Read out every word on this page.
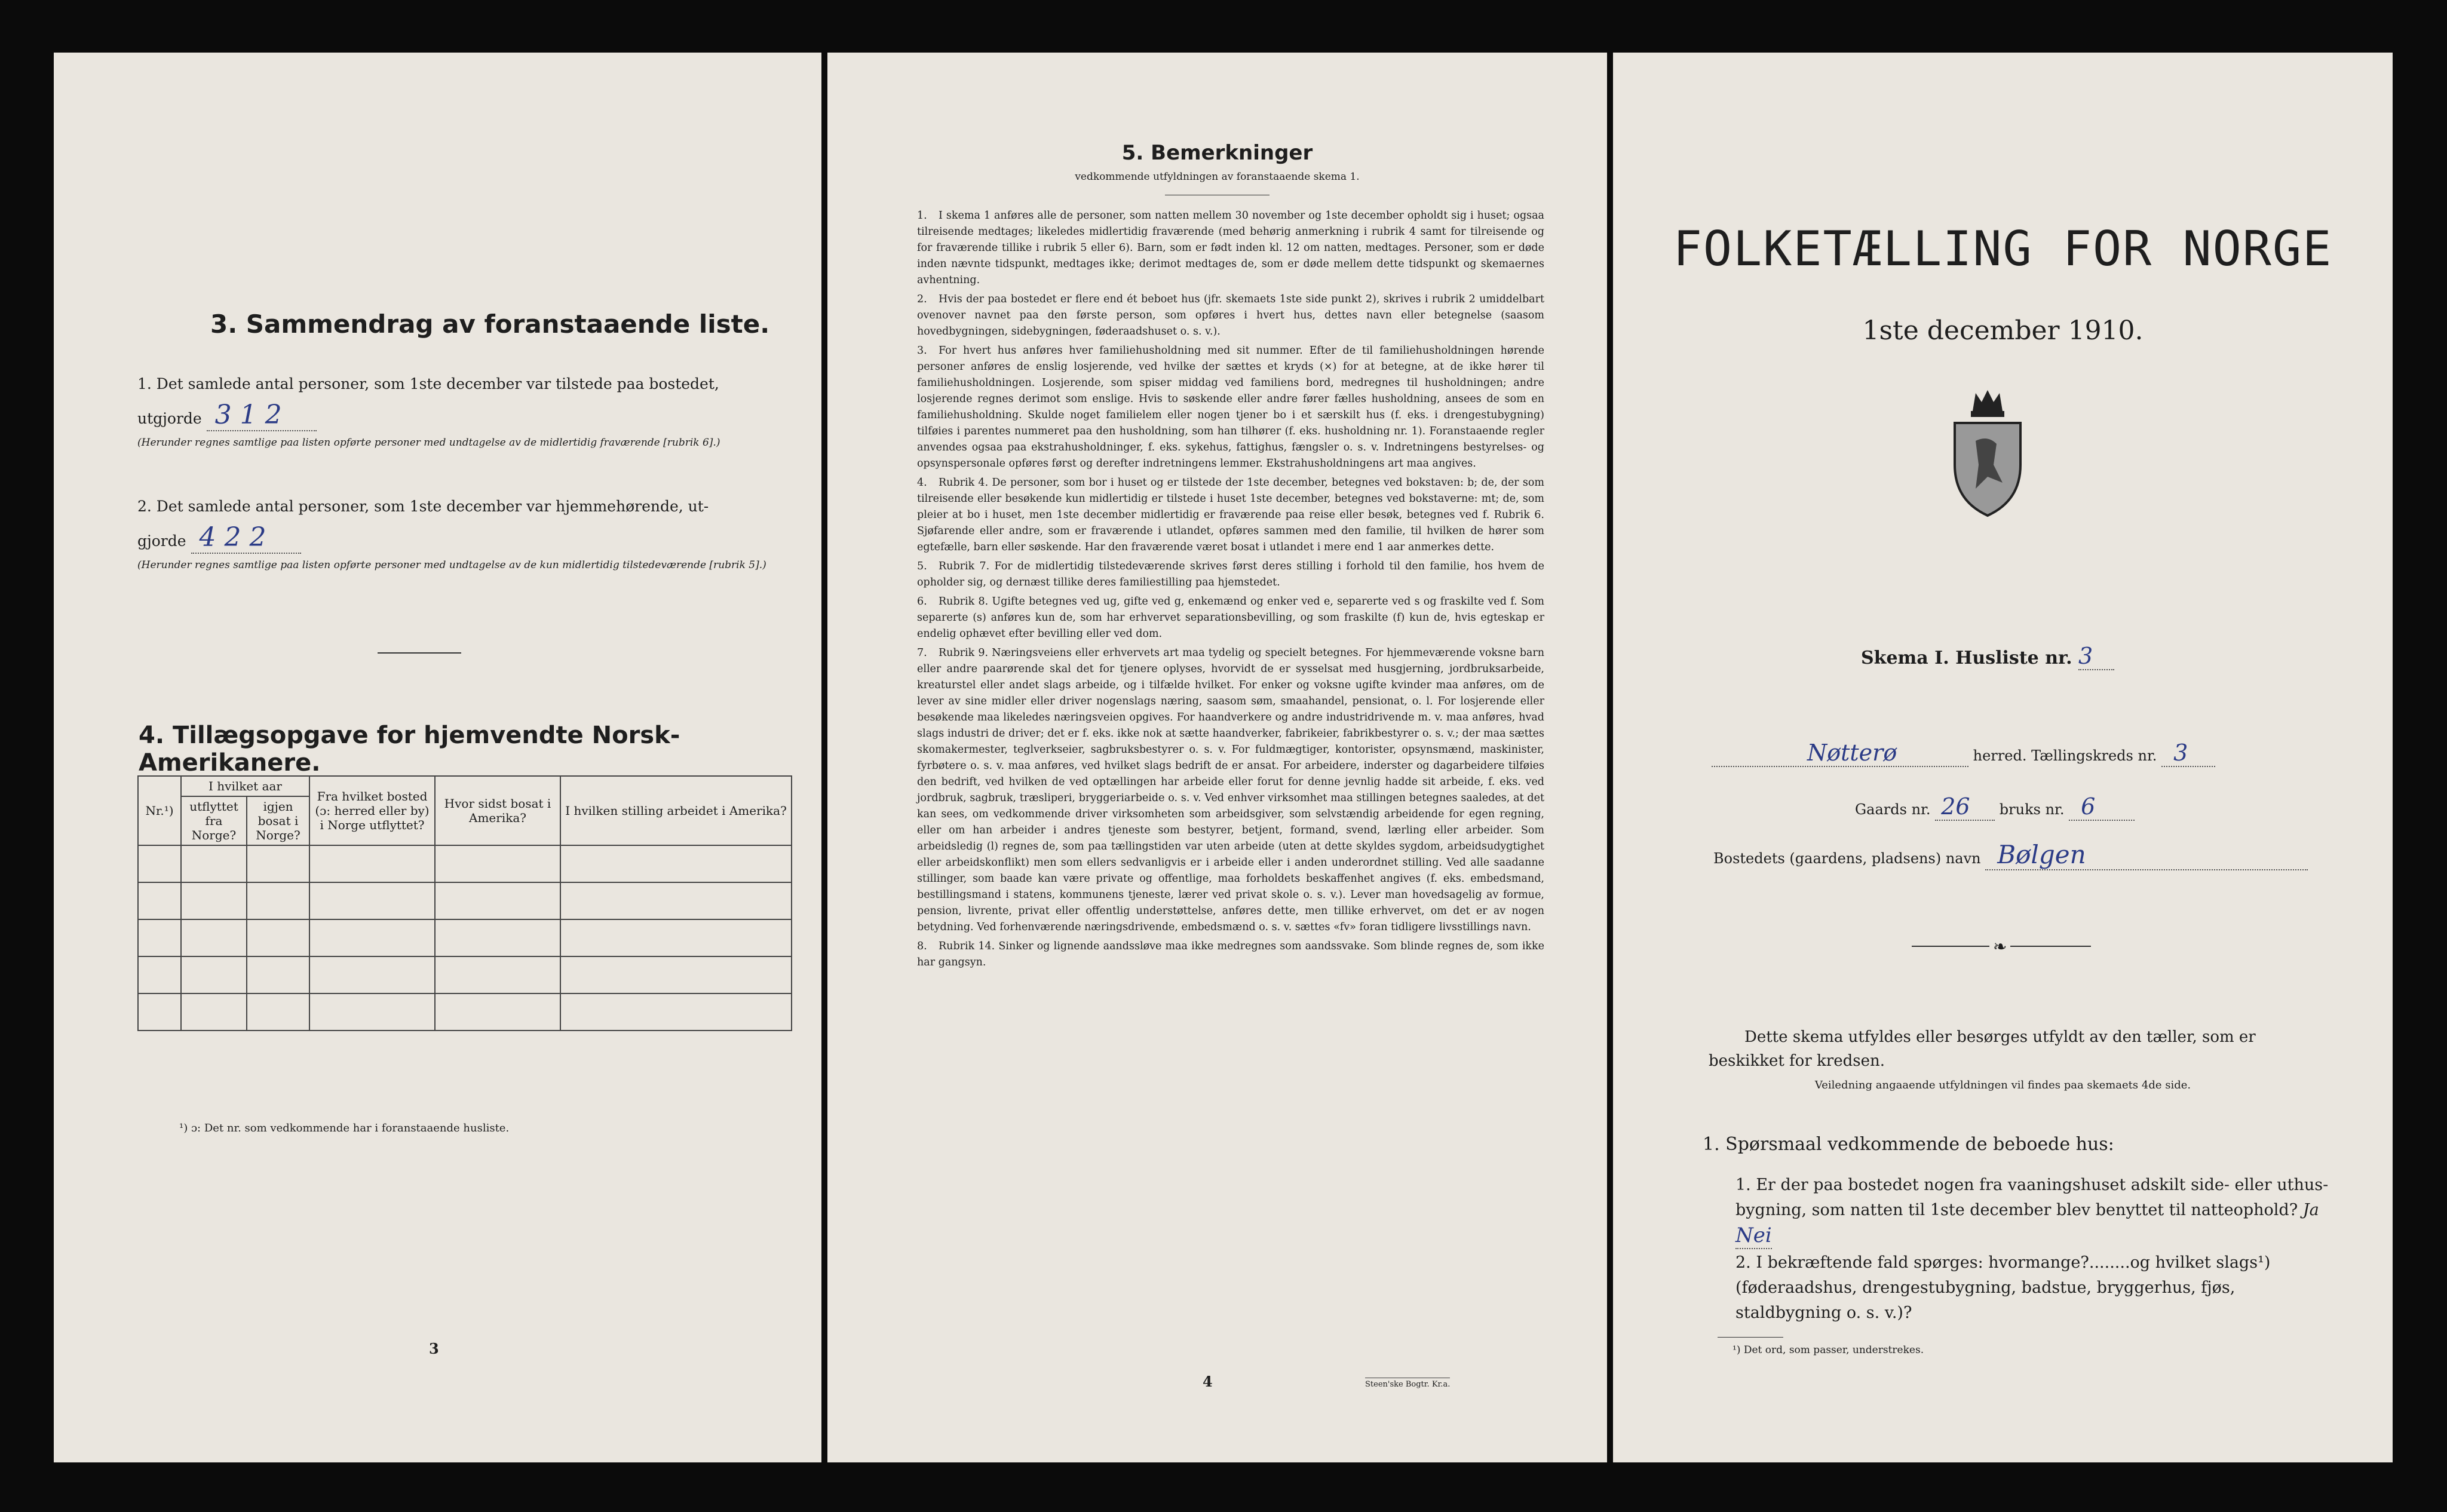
3. Sammendrag av foranstaaende liste.
1. Det samlede antal personer, som 1ste december var tilstede paa bostedet,
utgjorde 3 1 2
(Herunder regnes samtlige paa listen opførte personer med undtagelse av de midlertidig fraværende [rubrik 6].)
2. Det samlede antal personer, som 1ste december var hjemmehørende, ut-
gjorde 4 2 2
(Herunder regnes samtlige paa listen opførte personer med undtagelse av de kun midlertidig tilstedeværende [rubrik 5].)
4. Tillægsopgave for hjemvendte Norsk-Amerikanere.
Nr.¹)	I hvilket aar		Fra hvilket bosted (ɔ: herred eller by) i Norge utflyttet?	Hvor sidst bosat i Amerika?	I hvilken stilling arbeidet i Amerika?
	utflyttet fra Norge?	igjen bosat i Norge?			

¹) ɔ: Det nr. som vedkommende har i foranstaaende husliste.
3
5. Bemerkninger
vedkommende utfyldningen av foranstaaende skema 1.
1. I skema 1 anføres alle de personer, som natten mellem 30 november og 1ste december opholdt sig i huset; ogsaa tilreisende medtages; likeledes midlertidig fraværende (med behørig anmerkning i rubrik 4 samt for tilreisende og for fraværende tillike i rubrik 5 eller 6). Barn, som er født inden kl. 12 om natten, medtages. Personer, som er døde inden nævnte tidspunkt, medtages ikke; derimot medtages de, som er døde mellem dette tidspunkt og skemaernes avhentning.
2. Hvis der paa bostedet er flere end ét beboet hus (jfr. skemaets 1ste side punkt 2), skrives i rubrik 2 umiddelbart ovenover navnet paa den første person, som opføres i hvert hus, dettes navn eller betegnelse (saasom hovedbygningen, sidebygningen, føderaadshuset o. s. v.).
3. For hvert hus anføres hver familiehusholdning med sit nummer. Efter de til familiehusholdningen hørende personer anføres de enslig losjerende, ved hvilke der sættes et kryds (×) for at betegne, at de ikke hører til familiehusholdningen. Losjerende, som spiser middag ved familiens bord, medregnes til husholdningen; andre losjerende regnes derimot som enslige. Hvis to søskende eller andre fører fælles husholdning, ansees de som en familiehusholdning. Skulde noget familielem eller nogen tjener bo i et særskilt hus (f. eks. i drengestubygning) tilføies i parentes nummeret paa den husholdning, som han tilhører (f. eks. husholdning nr. 1). Foranstaaende regler anvendes ogsaa paa ekstrahusholdninger, f. eks. sykehus, fattighus, fængsler o. s. v. Indretningens bestyrelses- og opsynspersonale opføres først og derefter indretningens lemmer. Ekstrahusholdningens art maa angives.
4. Rubrik 4. De personer, som bor i huset og er tilstede der 1ste december, betegnes ved bokstaven: b; de, der som tilreisende eller besøkende kun midlertidig er tilstede i huset 1ste december, betegnes ved bokstaverne: mt; de, som pleier at bo i huset, men 1ste december midlertidig er fraværende paa reise eller besøk, betegnes ved f. Rubrik 6. Sjøfarende eller andre, som er fraværende i utlandet, opføres sammen med den familie, til hvilken de hører som egtefælle, barn eller søskende. Har den fraværende været bosat i utlandet i mere end 1 aar anmerkes dette.
5. Rubrik 7. For de midlertidig tilstedeværende skrives først deres stilling i forhold til den familie, hos hvem de opholder sig, og dernæst tillike deres familiestilling paa hjemstedet.
6. Rubrik 8. Ugifte betegnes ved ug, gifte ved g, enkemænd og enker ved e, separerte ved s og fraskilte ved f. Som separerte (s) anføres kun de, som har erhvervet separationsbevilling, og som fraskilte (f) kun de, hvis egteskap er endelig ophævet efter bevilling eller ved dom.
7. Rubrik 9. Næringsveiens eller erhvervets art maa tydelig og specielt betegnes. For hjemmeværende voksne barn eller andre paarørende skal det for tjenere oplyses, hvorvidt de er sysselsat med husgjerning, jordbruksarbeide, kreaturstel eller andet slags arbeide, og i tilfælde hvilket. For enker og voksne ugifte kvinder maa anføres, om de lever av sine midler eller driver nogenslags næring, saasom søm, smaahandel, pensionat, o. l. For losjerende eller besøkende maa likeledes næringsveien opgives. For haandverkere og andre industridrivende m. v. maa anføres, hvad slags industri de driver; det er f. eks. ikke nok at sætte haandverker, fabrikeier, fabrikbestyrer o. s. v.; der maa sættes skomakermester, teglverkseier, sagbruksbestyrer o. s. v. For fuldmægtiger, kontorister, opsynsmænd, maskinister, fyrbøtere o. s. v. maa anføres, ved hvilket slags bedrift de er ansat. For arbeidere, inderster og dagarbeidere tilføies den bedrift, ved hvilken de ved optællingen har arbeide eller forut for denne jevnlig hadde sit arbeide, f. eks. ved jordbruk, sagbruk, træsliperi, bryggeriarbeide o. s. v. Ved enhver virksomhet maa stillingen betegnes saaledes, at det kan sees, om vedkommende driver virksomheten som arbeidsgiver, som selvstændig arbeidende for egen regning, eller om han arbeider i andres tjeneste som bestyrer, betjent, formand, svend, lærling eller arbeider. Som arbeidsledig (l) regnes de, som paa tællingstiden var uten arbeide (uten at dette skyldes sygdom, arbeidsudygtighet eller arbeidskonflikt) men som ellers sedvanligvis er i arbeide eller i anden underordnet stilling. Ved alle saadanne stillinger, som baade kan være private og offentlige, maa forholdets beskaffenhet angives (f. eks. embedsmand, bestillingsmand i statens, kommunens tjeneste, lærer ved privat skole o. s. v.). Lever man hovedsagelig av formue, pension, livrente, privat eller offentlig understøttelse, anføres dette, men tillike erhvervet, om det er av nogen betydning. Ved forhenværende næringsdrivende, embedsmænd o. s. v. sættes «fv» foran tidligere livsstillings navn.
8. Rubrik 14. Sinker og lignende aandssløve maa ikke medregnes som aandssvake. Som blinde regnes de, som ikke har gangsyn.
4	Steen'ske Bogtr. Kr.a.
FOLKETÆLLING FOR NORGE
1ste december 1910.
Skema I. Husliste nr. 3
Nøtterø	herred. Tællingskreds nr. 3
Gaards nr. 26 bruks nr. 6
Bostedets (gaardens, pladsens) navn Bølgen
❧
Dette skema utfyldes eller besørges utfyldt av den tæller, som er beskikket for kredsen.
Veiledning angaaende utfyldningen vil findes paa skemaets 4de side.
1. Spørsmaal vedkommende de beboede hus:
1. Er der paa bostedet nogen fra vaaningshuset adskilt side- eller uthus-bygning, som natten til 1ste december blev benyttet til natteophold? Ja Nei
2. I bekræftende fald spørges: hvormange?........og hvilket slags¹) (føderaadshus, drengestubygning, badstue, bryggerhus, fjøs, staldbygning o. s. v.)?
¹) Det ord, som passer, understrekes.
